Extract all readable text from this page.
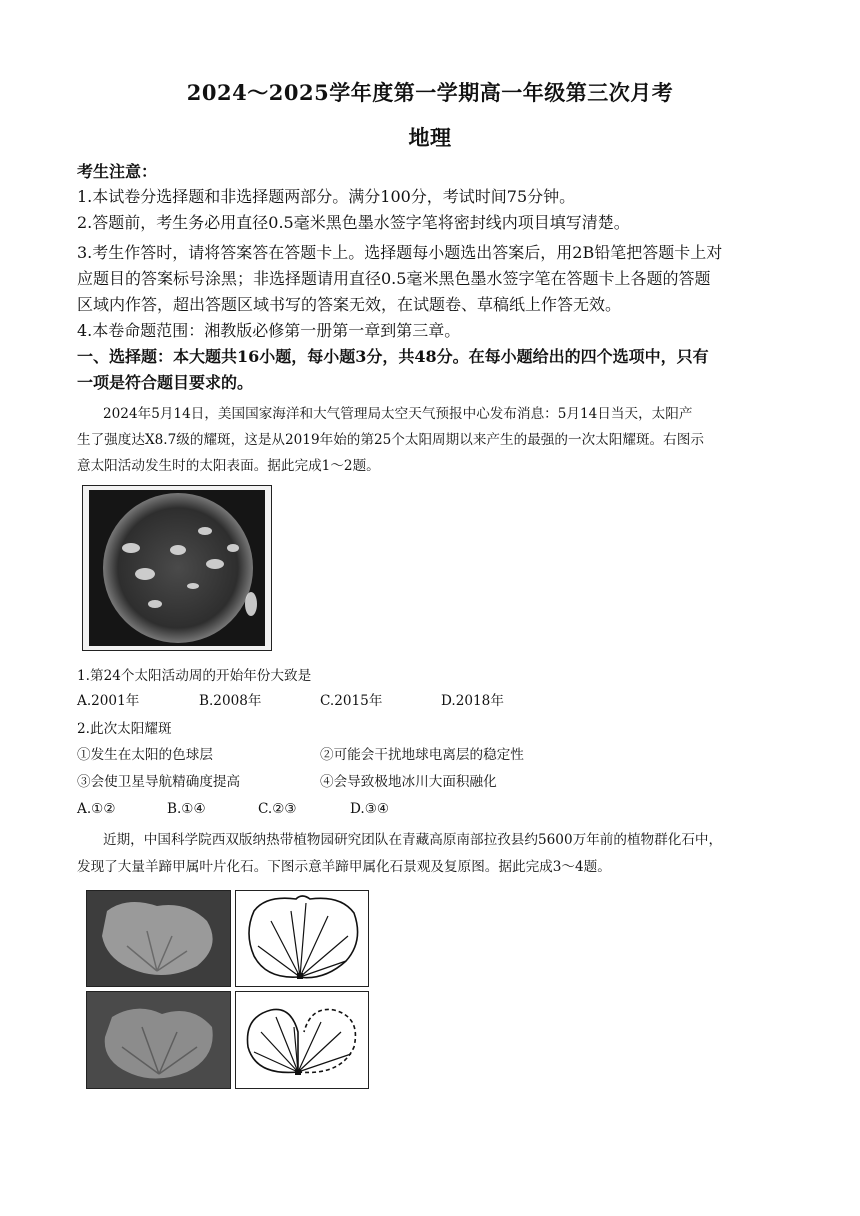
2024～2025学年度第一学期高一年级第三次月考
地理
考生注意：
1.本试卷分选择题和非选择题两部分。满分100分，考试时间75分钟。
2.答题前，考生务必用直径0.5毫米黑色墨水签字笔将密封线内项目填写清楚。
3.考生作答时，请将答案答在答题卡上。选择题每小题选出答案后，用2B铅笔把答题卡上对
应题目的答案标号涂黑；非选择题请用直径0.5毫米黑色墨水签字笔在答题卡上各题的答题
区域内作答，超出答题区域书写的答案无效，在试题卷、草稿纸上作答无效。
4.本卷命题范围：湘教版必修第一册第一章到第三章。
一、选择题：本大题共16小题，每小题3分，共48分。在每小题给出的四个选项中，只有
一项是符合题目要求的。
2024年5月14日，美国国家海洋和大气管理局太空天气预报中心发布消息：5月14日当天，太阳产
生了强度达X8.7级的耀斑，这是从2019年始的第25个太阳周期以来产生的最强的一次太阳耀斑。右图示
意太阳活动发生时的太阳表面。据此完成1～2题。
1.第24个太阳活动周的开始年份大致是
A.2001年	B.2008年	C.2015年	D.2018年
2.此次太阳耀斑
①发生在太阳的色球层	②可能会干扰地球电离层的稳定性
③会使卫星导航精确度提高	④会导致极地冰川大面积融化
A.①②	B.①④	C.②③	D.③④
近期，中国科学院西双版纳热带植物园研究团队在青藏高原南部拉孜县约5600万年前的植物群化石中，
发现了大量羊蹄甲属叶片化石。下图示意羊蹄甲属化石景观及复原图。据此完成3～4题。
